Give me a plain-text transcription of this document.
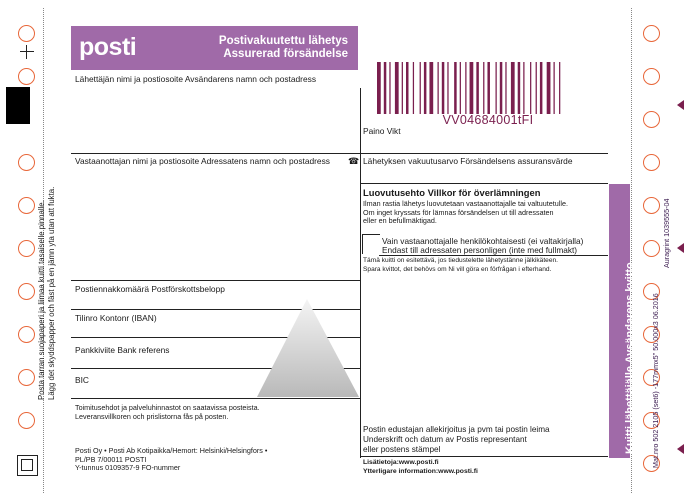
Posta tarran suojapaperi ja liimaa kuitti tasaiselle pinnalle. Lägg det skyddspapper och fäst på en jämn yta utan att fukta.
posti	Postivakuutettu lähetys
Assurerad försändelse
Lähettäjän nimi ja postiosoite Avsändarens namn och postadress
VV04684001tFI
Paino Vikt
Vastaanottajan nimi ja postiosoite Adressatens namn och postadress ☎ Lähetyksen vakuutusarvo Försändelsens assuransvärde
Luovutusehto Villkor för överlämningen
Ilman rastia lähetys luovutetaan vastaanottajalle tai valtuutetulle.
Om inget kryssats för lämnas försändelsen ut till adressaten
eller en befullmäktigad.
Vain vastaanottajalle henkilökohtaisesti (ei valtakirjalla)
Endast till adressaten personligen (inte med fullmakt)
Tämä kuitti on esitettävä, jos tiedustelette lähetystänne jälkikäteen.
Spara kvittot, det behövs om Ni vill göra en förfrågan i efterhand.
Postiennakkomäärä Postförskottsbelopp
Tilinro Kontonr (IBAN)
Pankkiviite Bank referens
BIC
Toimitusehdot ja palveluhinnastot on saatavissa posteista.
Leveransvillkoren och prislistorna fås på posten.
Posti Oy • Posti Ab Kotipaikka/Hemort: Helsinki/Helsingfors •
PL/PB 7/00011 POSTI
Y-tunnus 0109357-9 FO-nummer
Postin edustajan allekirjoitus ja pvm tai postin leima
Underskrift och datum av Postis representant
eller postens stämpel
Lisätietoja:www.posti.fi
Ytterligare information:www.posti.fi
Kuitti lähettäjälle Avsändarens kvitto Mat.nro 502 2105 (set6) -177mmx5" 50.000x3 06.2016
Auragrint 1039555-04
